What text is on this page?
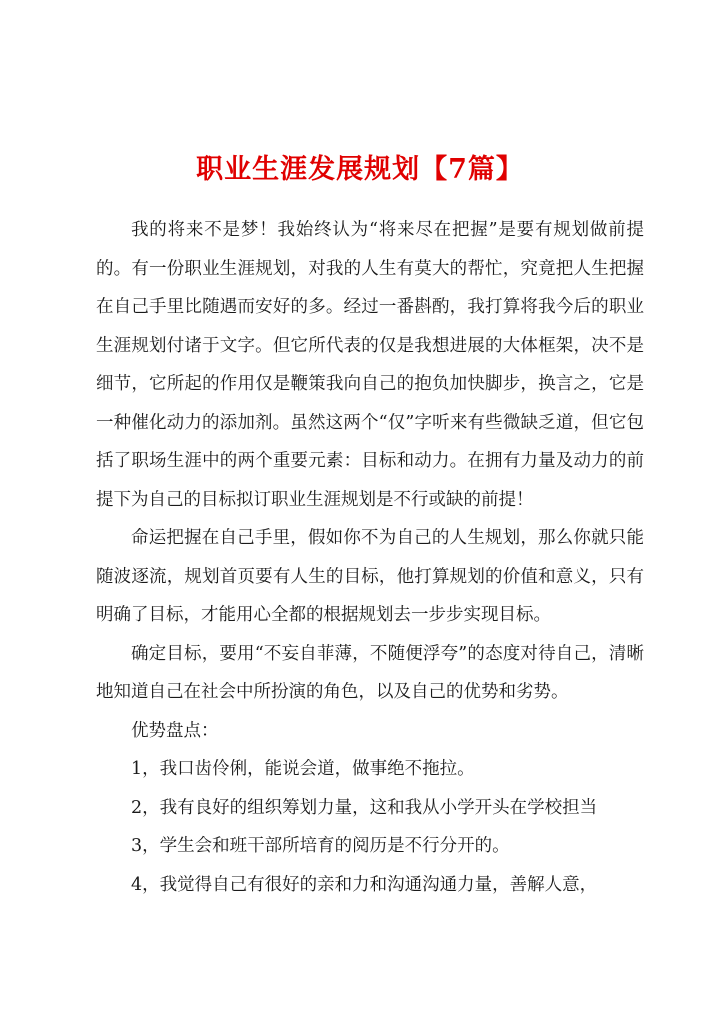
职业生涯发展规划【7篇】

我的将来不是梦！我始终认为“将来尽在把握”是要有规划做前提的。有一份职业生涯规划，对我的人生有莫大的帮忙，究竟把人生把握在自己手里比随遇而安好的多。经过一番斟酌，我打算将我今后的职业生涯规划付诸于文字。但它所代表的仅是我想进展的大体框架，决不是细节，它所起的作用仅是鞭策我向自己的抱负加快脚步，换言之，它是一种催化动力的添加剂。虽然这两个“仅”字听来有些微缺乏道，但它包括了职场生涯中的两个重要元素：目标和动力。在拥有力量及动力的前提下为自己的目标拟订职业生涯规划是不行或缺的前提！

命运把握在自己手里，假如你不为自己的人生规划，那么你就只能随波逐流，规划首页要有人生的目标，他打算规划的价值和意义，只有明确了目标，才能用心全都的根据规划去一步步实现目标。

确定目标，要用“不妄自菲薄，不随便浮夸”的态度对待自己，清晰地知道自己在社会中所扮演的角色，以及自己的优势和劣势。

优势盘点：

1，我口齿伶俐，能说会道，做事绝不拖拉。

2，我有良好的组织筹划力量，这和我从小学开头在学校担当

3，学生会和班干部所培育的阅历是不行分开的。

4，我觉得自己有很好的亲和力和沟通沟通力量，善解人意，
